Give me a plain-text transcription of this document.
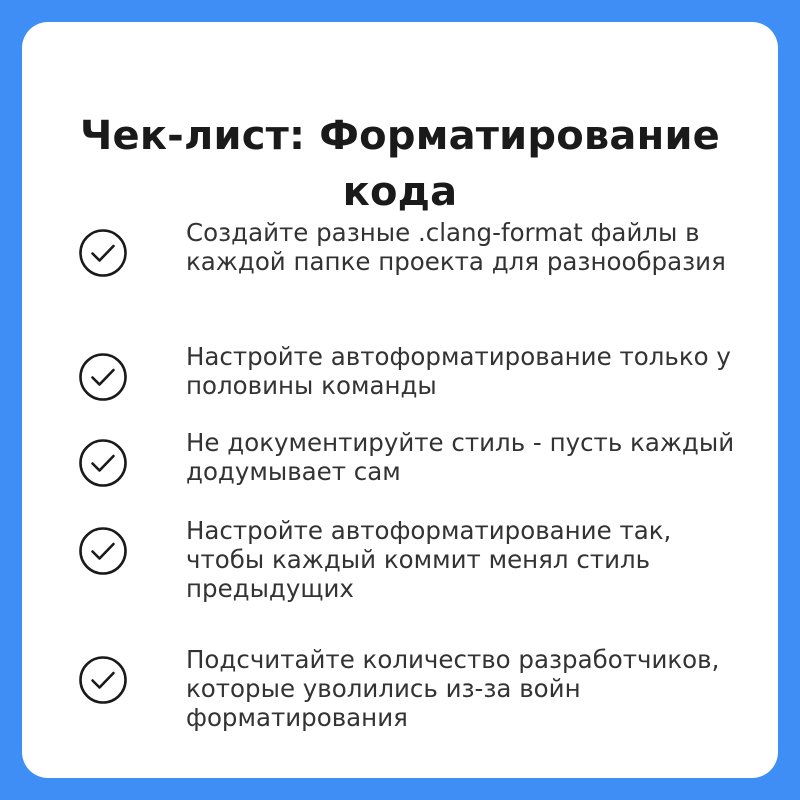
Чек-лист: Форматирование кода

Создайте разные .clang-format файлы в каждой папке проекта для разнообразия

Настройте автоформатирование только у половины команды

Не документируйте стиль - пусть каждый додумывает сам

Настройте автоформатирование так, чтобы каждый коммит менял стиль предыдущих

Подсчитайте количество разработчиков, которые уволились из-за войн форматирования
